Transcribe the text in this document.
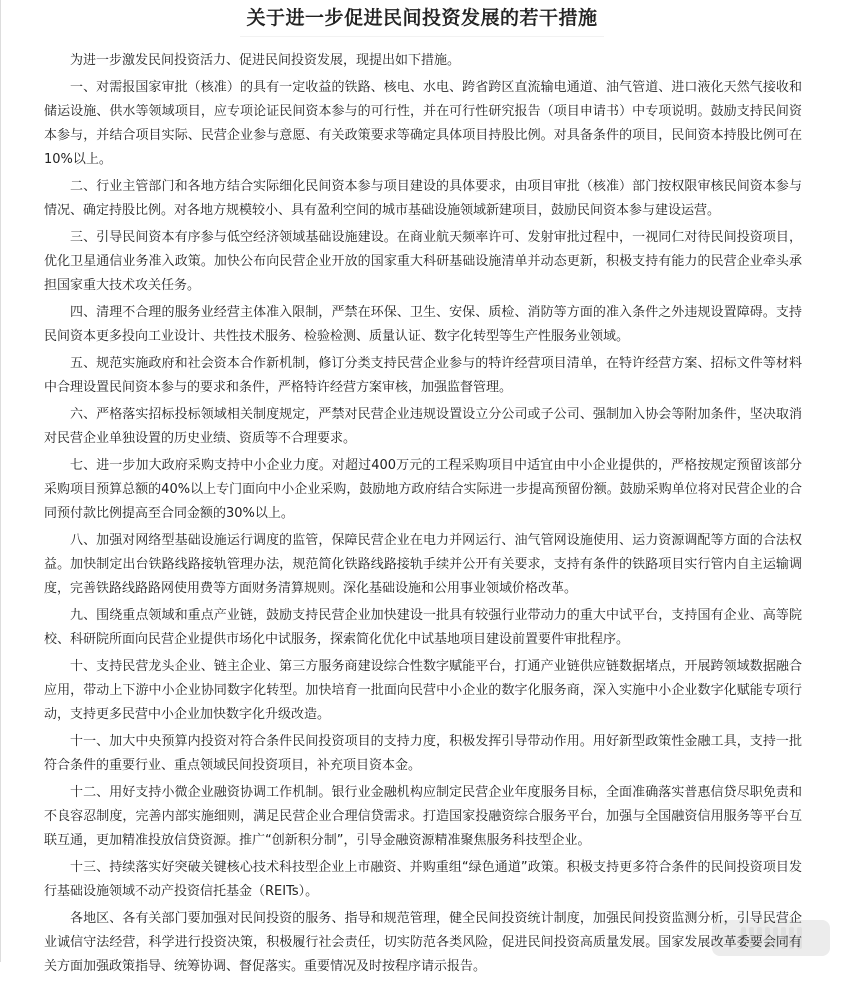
关于进一步促进民间投资发展的若干措施

为进一步激发民间投资活力、促进民间投资发展，现提出如下措施。

一、对需报国家审批（核准）的具有一定收益的铁路、核电、水电、跨省跨区直流输电通道、油气管道、进口液化天然气接收和储运设施、供水等领域项目，应专项论证民间资本参与的可行性，并在可行性研究报告（项目申请书）中专项说明。鼓励支持民间资本参与，并结合项目实际、民营企业参与意愿、有关政策要求等确定具体项目持股比例。对具备条件的项目，民间资本持股比例可在10%以上。

二、行业主管部门和各地方结合实际细化民间资本参与项目建设的具体要求，由项目审批（核准）部门按权限审核民间资本参与情况、确定持股比例。对各地方规模较小、具有盈利空间的城市基础设施领域新建项目，鼓励民间资本参与建设运营。

三、引导民间资本有序参与低空经济领域基础设施建设。在商业航天频率许可、发射审批过程中，一视同仁对待民间投资项目，优化卫星通信业务准入政策。加快公布向民营企业开放的国家重大科研基础设施清单并动态更新，积极支持有能力的民营企业牵头承担国家重大技术攻关任务。

四、清理不合理的服务业经营主体准入限制，严禁在环保、卫生、安保、质检、消防等方面的准入条件之外违规设置障碍。支持民间资本更多投向工业设计、共性技术服务、检验检测、质量认证、数字化转型等生产性服务业领域。

五、规范实施政府和社会资本合作新机制，修订分类支持民营企业参与的特许经营项目清单，在特许经营方案、招标文件等材料中合理设置民间资本参与的要求和条件，严格特许经营方案审核，加强监督管理。

六、严格落实招标投标领域相关制度规定，严禁对民营企业违规设置设立分公司或子公司、强制加入协会等附加条件，坚决取消对民营企业单独设置的历史业绩、资质等不合理要求。

七、进一步加大政府采购支持中小企业力度。对超过400万元的工程采购项目中适宜由中小企业提供的，严格按规定预留该部分采购项目预算总额的40%以上专门面向中小企业采购，鼓励地方政府结合实际进一步提高预留份额。鼓励采购单位将对民营企业的合同预付款比例提高至合同金额的30%以上。

八、加强对网络型基础设施运行调度的监管，保障民营企业在电力并网运行、油气管网设施使用、运力资源调配等方面的合法权益。加快制定出台铁路线路接轨管理办法，规范简化铁路线路接轨手续并公开有关要求，支持有条件的铁路项目实行管内自主运输调度，完善铁路线路路网使用费等方面财务清算规则。深化基础设施和公用事业领域价格改革。

九、围绕重点领域和重点产业链，鼓励支持民营企业加快建设一批具有较强行业带动力的重大中试平台，支持国有企业、高等院校、科研院所面向民营企业提供市场化中试服务，探索简化优化中试基地项目建设前置要件审批程序。

十、支持民营龙头企业、链主企业、第三方服务商建设综合性数字赋能平台，打通产业链供应链数据堵点，开展跨领域数据融合应用，带动上下游中小企业协同数字化转型。加快培育一批面向民营中小企业的数字化服务商，深入实施中小企业数字化赋能专项行动，支持更多民营中小企业加快数字化升级改造。

十一、加大中央预算内投资对符合条件民间投资项目的支持力度，积极发挥引导带动作用。用好新型政策性金融工具，支持一批符合条件的重要行业、重点领域民间投资项目，补充项目资本金。

十二、用好支持小微企业融资协调工作机制。银行业金融机构应制定民营企业年度服务目标，全面准确落实普惠信贷尽职免责和不良容忍制度，完善内部实施细则，满足民营企业合理信贷需求。打造国家投融资综合服务平台，加强与全国融资信用服务等平台互联互通，更加精准投放信贷资源。推广“创新积分制”，引导金融资源精准聚焦服务科技型企业。

十三、持续落实好突破关键核心技术科技型企业上市融资、并购重组“绿色通道”政策。积极支持更多符合条件的民间投资项目发行基础设施领域不动产投资信托基金（REITs）。

各地区、各有关部门要加强对民间投资的服务、指导和规范管理，健全民间投资统计制度，加强民间投资监测分析，引导民营企业诚信守法经营，科学进行投资决策，积极履行社会责任，切实防范各类风险，促进民间投资高质量发展。国家发展改革委要会同有关方面加强政策指导、统筹协调、督促落实。重要情况及时按程序请示报告。
